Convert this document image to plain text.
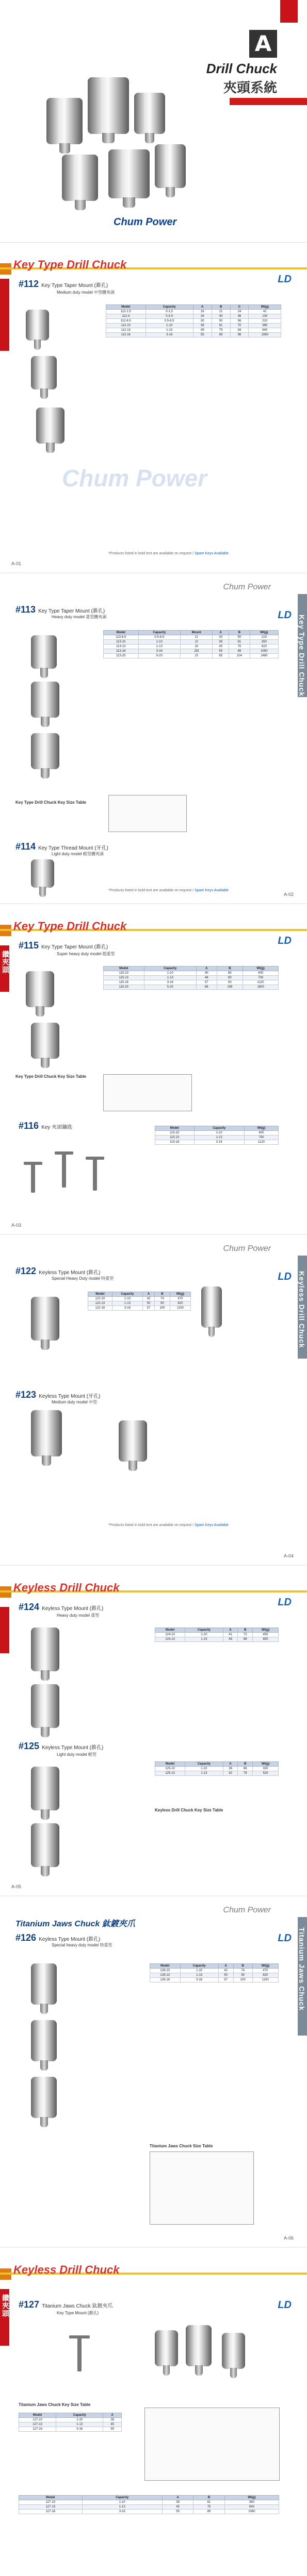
A
Drill Chuck
夾頭系統
Chum Power
Key Type Drill Chuck
LD
#112 Key Type Taper Mount (錐孔)
Medium duty model 中型鑽夾頭
Model	Capacity	A	B	C	Wt(g)
112-1.5	0-1.5	16	21	24	42
112-4	0.3-4	26	40	46	130
112-6.5	0.5-6.5	30	50	56	210
112-10	1-10	38	61	70	360
112-13	1-13	45	75	84	640
112-16	3-16	55	89	98	1060
Chum Power
*Products listed in bold text are available on request / Spare Keys Available
A-01
Chum Power
Key Type Drill Chuck
LD
#113 Key Type Taper Mount (錐孔)
Heavy duty model 重型鑽夾頭
Model	Capacity	Mount	A	B	Wt(g)
113-6.5	0.5-6.5	J1	30	50	210
113-10	1-10	J2	38	61	350
113-13	1-13	J6	45	75	620
113-16	3-16	J33	55	89	1050
113-20	5-20	J3	65	104	1480
Key Type Drill Chuck Key Size Table
#114 Key Type Thread Mount (牙孔)
Light duty model 輕型鑽夾頭
*Products listed in bold text are available on request / Spare Keys Available
A-02
Key Type Drill Chuck
鑽夾頭
LD
#115 Key Type Taper Mount (錐孔)
Super heavy duty model 超重型
Model	Capacity	A	B	Wt(g)
115-10	1-10	40	65	400
115-13	1-13	48	80	700
115-16	3-16	57	93	1120
115-20	5-20	66	108	1600
Key Type Drill Chuck Key Size Table
#116 Key 夾頭鑰匙	Model	Capacity	Wt(g)
115-10	1-10	400
115-13	1-13	700
115-16	3-16	1120
A-03
Chum Power
Keyless Drill Chuck
LD
#122 Keyless Type Mount (錐孔)
Special Heavy Duty model 特重型
Model	Capacity	A	B	Wt(g)
122-10	1-10	42	74	470
122-13	1-13	50	90	820
122-16	3-16	57	100	1150
#123 Keyless Type Mount (牙孔)
Medium duty model 中型
*Products listed in bold text are available on request / Spare Keys Available
A-04
Keyless Drill Chuck
LD
#124 Keyless Type Mount (錐孔)
Heavy duty model 重型
Model	Capacity	A	B	Wt(g)
124-10	1-10	41	72	450
124-13	1-13	49	88	800
#125 Keyless Type Mount (錐孔)
Light duty model 輕型
Model	Capacity	A	B	Wt(g)
125-10	1-10	36	66	330
125-13	1-13	42	78	520
Keyless Drill Chuck Key Size Table
A-05
Chum Power
Titanium Jaws Chuck
Titanium Jaws Chuck 鈦鍍夾爪
LD
#126 Keyless Type Mount (錐孔)
Special heavy duty model 特重型
Model	Capacity	A	B	Wt(g)
126-10	1-10	42	74	470
126-13	1-13	50	90	820
126-16	3-16	57	100	1150
Titanium Jaws Chuck Size Table
A-06
Keyless Drill Chuck
鑽夾頭	LD
#127 Titanium Jaws Chuck 鈦鍍夾爪
Key Type Mount (錐孔)
Titanium Jaws Chuck Key Size Table
Model	Capacity	A
127-10	1-10	38
127-13	1-13	45
127-16	3-16	55
Model	Capacity	A	B	Wt(g)
127-10	1-10	38	61	360
127-13	1-13	45	75	640
127-16	3-16	55	89	1060
